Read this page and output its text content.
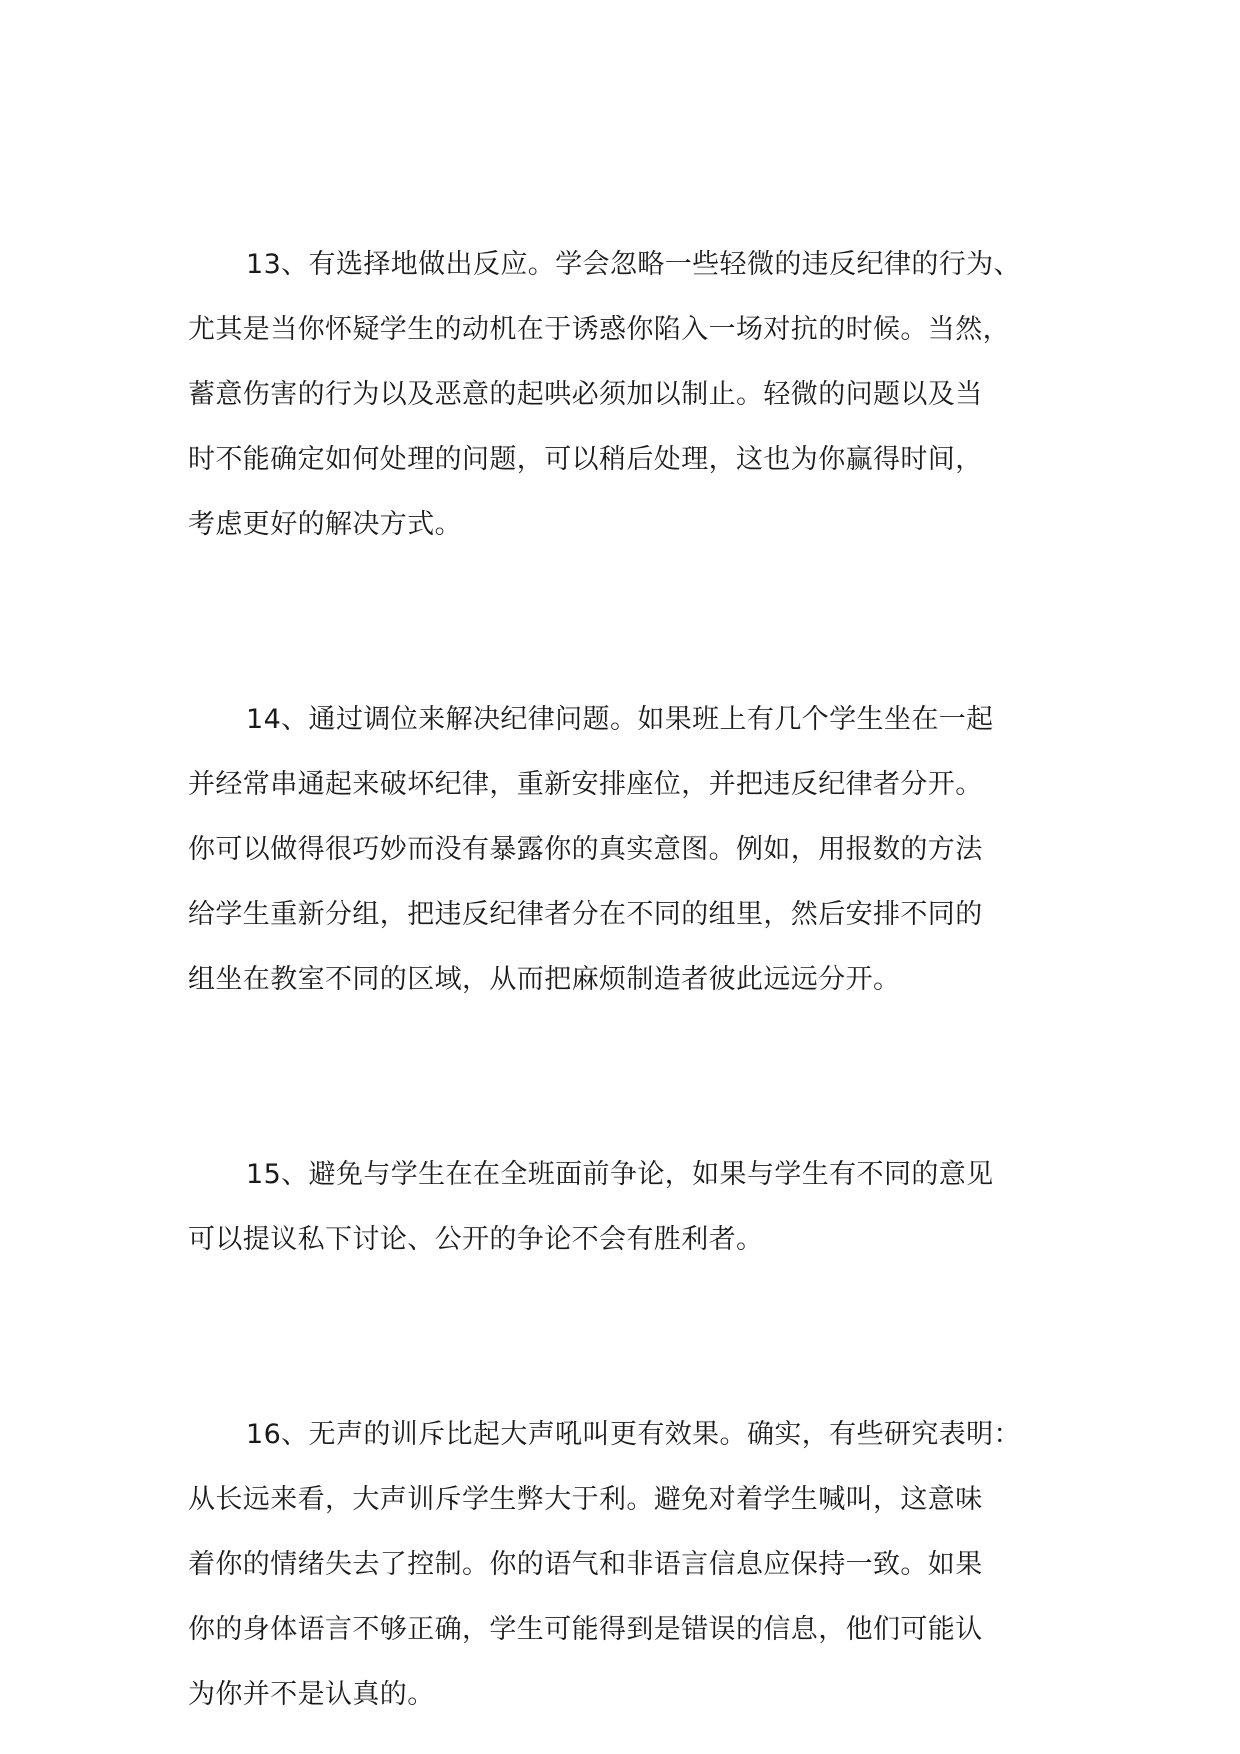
13、有选择地做出反应。学会忽略一些轻微的违反纪律的行为、
尤其是当你怀疑学生的动机在于诱惑你陷入一场对抗的时候。当然，
蓄意伤害的行为以及恶意的起哄必须加以制止。轻微的问题以及当
时不能确定如何处理的问题，可以稍后处理，这也为你赢得时间，
考虑更好的解决方式。

14、通过调位来解决纪律问题。如果班上有几个学生坐在一起
并经常串通起来破坏纪律，重新安排座位，并把违反纪律者分开。
你可以做得很巧妙而没有暴露你的真实意图。例如，用报数的方法
给学生重新分组，把违反纪律者分在不同的组里，然后安排不同的
组坐在教室不同的区域，从而把麻烦制造者彼此远远分开。

15、避免与学生在在全班面前争论，如果与学生有不同的意见
可以提议私下讨论、公开的争论不会有胜利者。

16、无声的训斥比起大声吼叫更有效果。确实，有些研究表明：
从长远来看，大声训斥学生弊大于利。避免对着学生喊叫，这意味
着你的情绪失去了控制。你的语气和非语言信息应保持一致。如果
你的身体语言不够正确，学生可能得到是错误的信息，他们可能认
为你并不是认真的。
